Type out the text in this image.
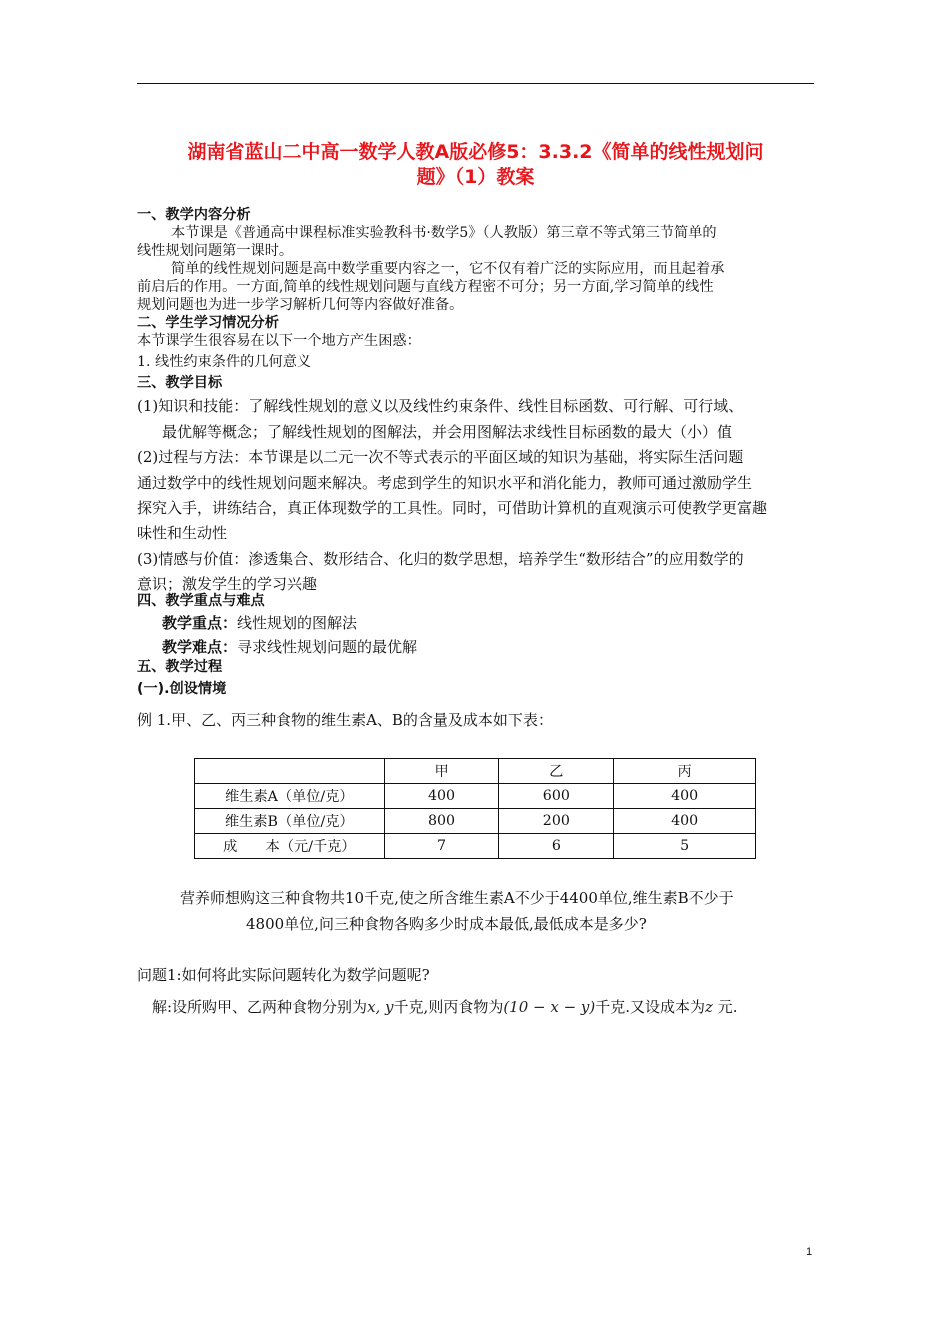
湖南省蓝山二中高一数学人教A版必修5：3.3.2《简单的线性规划问
题》（1）教案
一、教学内容分析
本节课是《普通高中课程标准实验教科书·数学5》（人教版）第三章不等式第三节简单的
线性规划问题第一课时。
简单的线性规划问题是高中数学重要内容之一，它不仅有着广泛的实际应用，而且起着承
前启后的作用。一方面,简单的线性规划问题与直线方程密不可分；另一方面,学习简单的线性
规划问题也为进一步学习解析几何等内容做好准备。
二、学生学习情况分析
本节课学生很容易在以下一个地方产生困惑：
1. 线性约束条件的几何意义
三、教学目标
(1)知识和技能：了解线性规划的意义以及线性约束条件、线性目标函数、可行解、可行域、
最优解等概念；了解线性规划的图解法，并会用图解法求线性目标函数的最大（小）值
(2)过程与方法：本节课是以二元一次不等式表示的平面区域的知识为基础，将实际生活问题
通过数学中的线性规划问题来解决。考虑到学生的知识水平和消化能力，教师可通过激励学生
探究入手，讲练结合，真正体现数学的工具性。同时，可借助计算机的直观演示可使教学更富趣
味性和生动性
(3)情感与价值：渗透集合、数形结合、化归的数学思想，培养学生“数形结合”的应用数学的
意识；激发学生的学习兴趣
四、教学重点与难点
教学重点：线性规划的图解法
教学难点：寻求线性规划问题的最优解
五、教学过程
(一).创设情境
例 1.甲、乙、丙三种食物的维生素A、B的含量及成本如下表：
	甲	乙	丙
维生素A（单位/克）	400	600	400
维生素B（单位/克）	800	200	400
成　　本（元/千克）	7	6	5
营养师想购这三种食物共10千克,使之所含维生素A不少于4400单位,维生素B不少于
4800单位,问三种食物各购多少时成本最低,最低成本是多少?
问题1:如何将此实际问题转化为数学问题呢?
解:设所购甲、乙两种食物分别为x, y千克,则丙食物为(10 − x − y)千克.又设成本为z 元.
1
